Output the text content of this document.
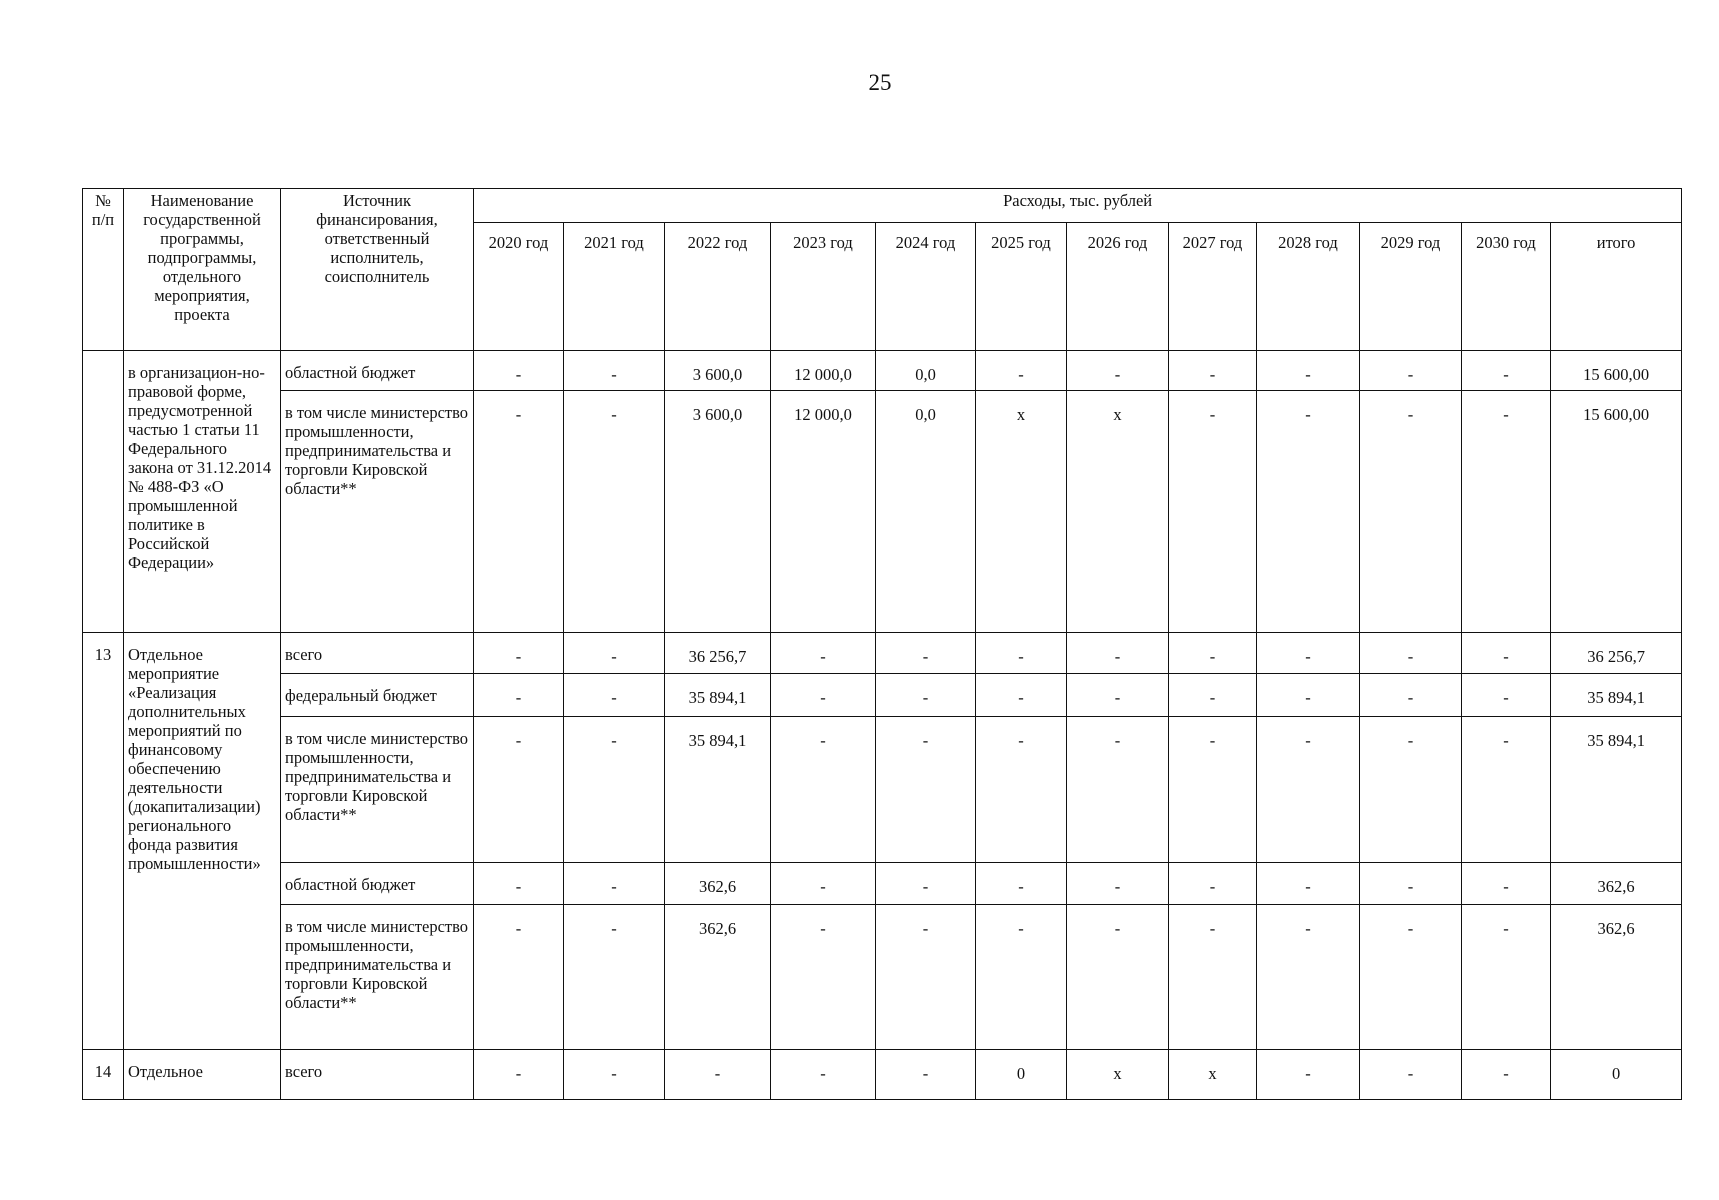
25
№ п/п	Наименование государственной программы, подпрограммы, отдельного мероприятия, проекта	Источник финансирования, ответственный исполнитель, соисполнитель	Расходы, тыс. рублей											
			2020 год	2021 год	2022 год	2023 год	2024 год	2025 год	2026 год	2027 год	2028 год	2029 год	2030 год	итого
	в организацион-но-правовой форме, предусмотренной частью 1 статьи 11 Федерального закона от 31.12.2014 № 488-ФЗ «О промышленной политике в Российской Федерации»	областной бюджет	-	-	3 600,0	12 000,0	0,0	-	-	-	-	-	-	15 600,00
		в том числе министерство промышленности, предпринимательства и торговли Кировской области**	-	-	3 600,0	12 000,0	0,0	х	х	-	-	-	-	15 600,00
13	Отдельное мероприятие «Реализация дополнительных мероприятий по финансовому обеспечению деятельности (докапитализации) регионального фонда развития промышленности»	всего	-	-	36 256,7	-	-	-	-	-	-	-	-	36 256,7
		федеральный бюджет	-	-	35 894,1	-	-	-	-	-	-	-	-	35 894,1
		в том числе министерство промышленности, предпринимательства и торговли Кировской области**	-	-	35 894,1	-	-	-	-	-	-	-	-	35 894,1
		областной бюджет	-	-	362,6	-	-	-	-	-	-	-	-	362,6
		в том числе министерство промышленности, предпринимательства и торговли Кировской области**	-	-	362,6	-	-	-	-	-	-	-	-	362,6
14	Отдельное	всего	-	-	-	-	-	0	х	х	-	-	-	0
